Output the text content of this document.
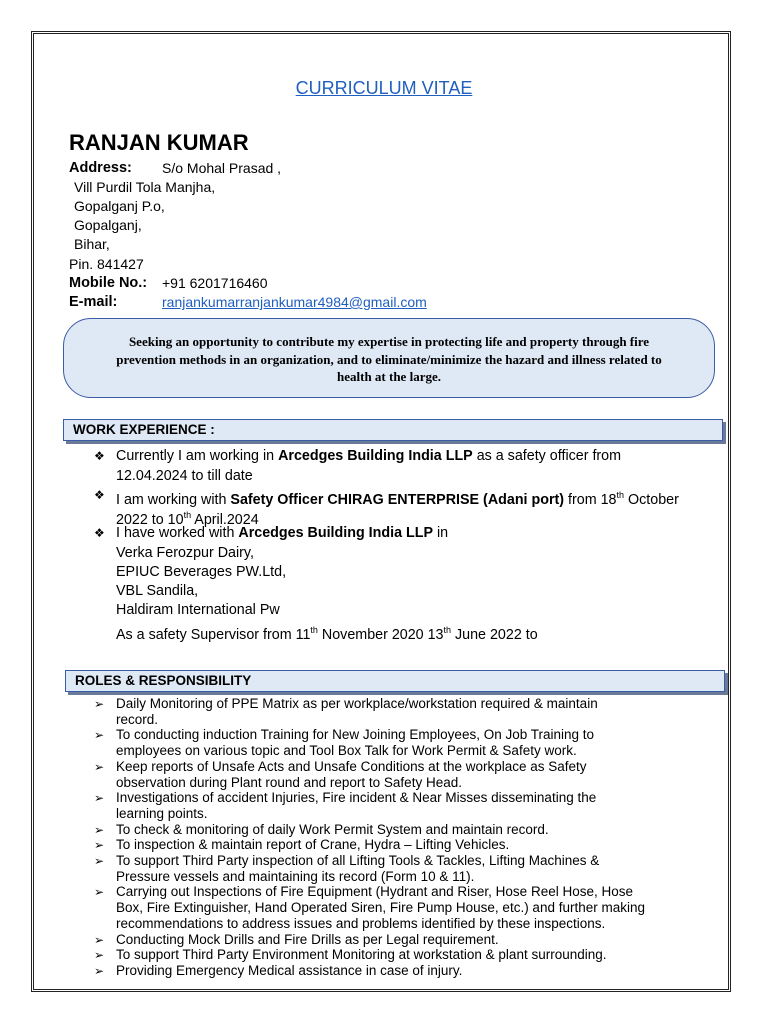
CURRICULUM VITAE
RANJAN KUMAR
Address: S/o Mohal Prasad ,
Vill Purdil Tola Manjha,
Gopalganj P.o,
Gopalganj,
Bihar,
Pin. 841427
Mobile No.: +91 6201716460
E-mail:	ranjankumarranjankumar4984@gmail.com
Seeking an opportunity to contribute my expertise in protecting life and property through fire prevention methods in an organization, and to eliminate/minimize the hazard and illness related to health at the large.
WORK EXPERIENCE :
❖ Currently I am working in Arcedges Building India LLP as a safety officer from
12.04.2024 to till date
❖ I am working with Safety Officer CHIRAG ENTERPRISE (Adani port) from 18th October
2022 to 10th April.2024
❖ I have worked with Arcedges Building India LLP in
Verka Ferozpur Dairy,
EPIUC Beverages PW.Ltd,
VBL Sandila,
Haldiram International Pw
As a safety Supervisor from 11th November 2020 13th June 2022 to
ROLES & RESPONSIBILITY
➢ Daily Monitoring of PPE Matrix as per workplace/workstation required & maintain
record.
➢ To conducting induction Training for New Joining Employees, On Job Training to
employees on various topic and Tool Box Talk for Work Permit & Safety work.
➢ Keep reports of Unsafe Acts and Unsafe Conditions at the workplace as Safety
observation during Plant round and report to Safety Head.
➢ Investigations of accident Injuries, Fire incident & Near Misses disseminating the
learning points.
➢ To check & monitoring of daily Work Permit System and maintain record.
➢ To inspection & maintain report of Crane, Hydra – Lifting Vehicles.
➢ To support Third Party inspection of all Lifting Tools & Tackles, Lifting Machines &
Pressure vessels and maintaining its record (Form 10 & 11).
➢ Carrying out Inspections of Fire Equipment (Hydrant and Riser, Hose Reel Hose, Hose
Box, Fire Extinguisher, Hand Operated Siren, Fire Pump House, etc.) and further making
recommendations to address issues and problems identified by these inspections.
➢ Conducting Mock Drills and Fire Drills as per Legal requirement.
➢ To support Third Party Environment Monitoring at workstation & plant surrounding.
➢ Providing Emergency Medical assistance in case of injury.
